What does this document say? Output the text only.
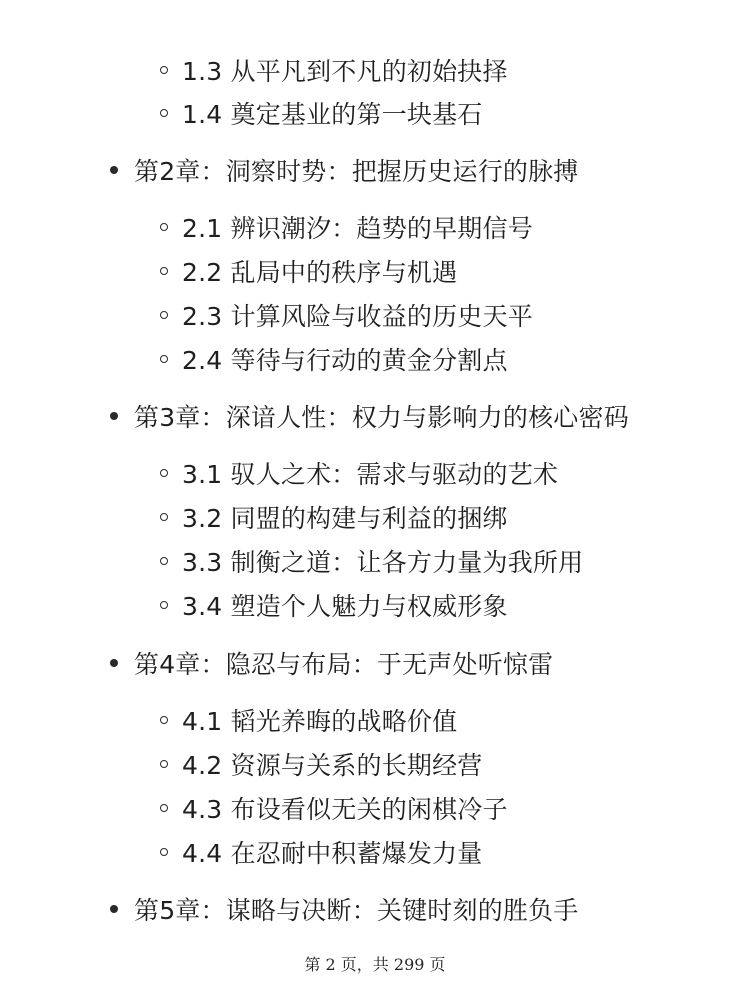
1.3 从平凡到不凡的初始抉择
1.4 奠定基业的第一块基石
第2章：洞察时势：把握历史运行的脉搏
2.1 辨识潮汐：趋势的早期信号
2.2 乱局中的秩序与机遇
2.3 计算风险与收益的历史天平
2.4 等待与行动的黄金分割点
第3章：深谙人性：权力与影响力的核心密码
3.1 驭人之术：需求与驱动的艺术
3.2 同盟的构建与利益的捆绑
3.3 制衡之道：让各方力量为我所用
3.4 塑造个人魅力与权威形象
第4章：隐忍与布局：于无声处听惊雷
4.1 韬光养晦的战略价值
4.2 资源与关系的长期经营
4.3 布设看似无关的闲棋冷子
4.4 在忍耐中积蓄爆发力量
第5章：谋略与决断：关键时刻的胜负手
第 2 页，共 299 页
